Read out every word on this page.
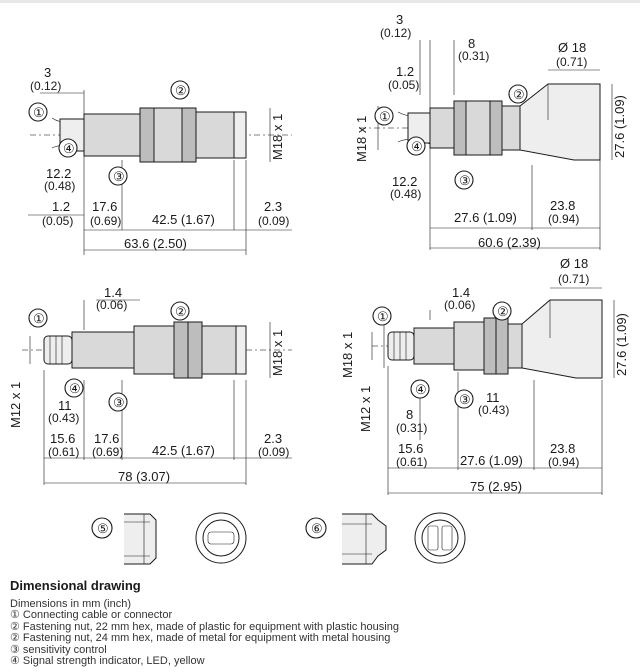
3
(0.12)
12.2
(0.48)
1.2
(0.05)
17.6
(0.69) 42.5 (1.67)
2.3
(0.09)
63.6 (2.50)
M18 x 1
3
(0.12)
8
(0.31)
1.2
(0.05)
Ø 18
(0.71)
M18 x 1	27.6 (1.09)
12.2
(0.48)
27.6 (1.09)
23.8
(0.94)
60.6 (2.39)
1.4
(0.06)
M18 x 1
M12 x 1	11
(0.43)
15.6
(0.61)
17.6
(0.69) 42.5 (1.67)
2.3
(0.09)
78 (3.07)
1.4
(0.06)
Ø 18
(0.71)
M18 x 1
M12 x 1
27.6 (1.09)
11
(0.43)
8
(0.31)
15.6
(0.61)	27.6 (1.09)
23.8
(0.94)
75 (2.95)
①
②
④
③
①
②
④
③
①	②
④
③
①	②
④
③
⑤	⑥
Dimensional drawing
Dimensions in mm (inch)
① Connecting cable or connector
② Fastening nut, 22 mm hex, made of plastic for equipment with plastic housing
② Fastening nut, 24 mm hex, made of metal for equipment with metal housing
③ sensitivity control
④ Signal strength indicator, LED, yellow
